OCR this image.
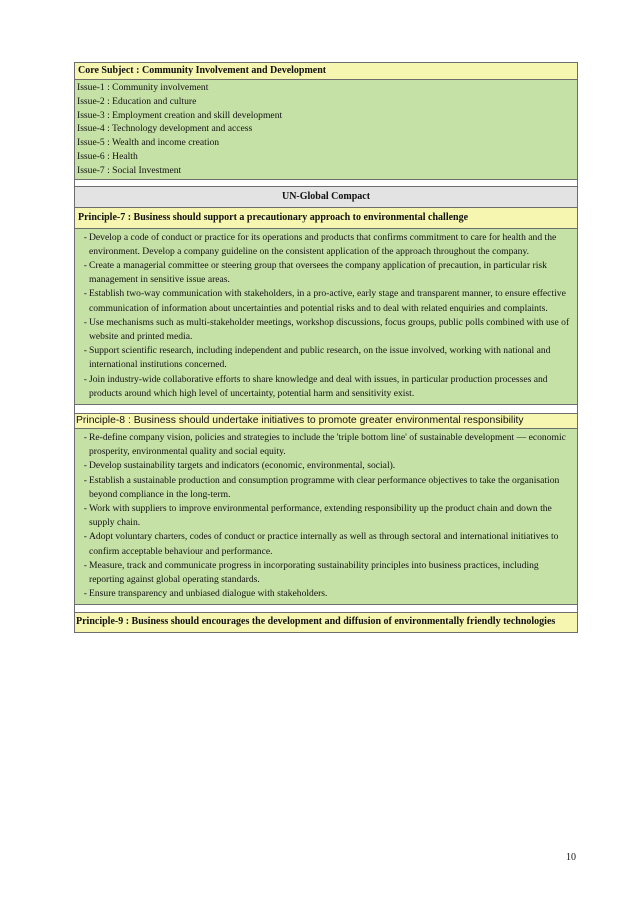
Core Subject : Community Involvement and Development
Issue-1 : Community involvement
Issue-2 : Education and culture
Issue-3 : Employment creation and skill development
Issue-4 : Technology development and access
Issue-5 : Wealth and income creation
Issue-6 : Health
Issue-7 : Social Investment
UN-Global Compact
Principle-7 : Business should support a precautionary approach to environmental challenge
- Develop a code of conduct or practice for its operations and products that confirms commitment to care for health and the environment. Develop a company guideline on the consistent application of the approach throughout the company.
- Create a managerial committee or steering group that oversees the company application of precaution, in particular risk management in sensitive issue areas.
- Establish two-way communication with stakeholders, in a pro-active, early stage and transparent manner, to ensure effective communication of information about uncertainties and potential risks and to deal with related enquiries and complaints.
- Use mechanisms such as multi-stakeholder meetings, workshop discussions, focus groups, public polls combined with use of website and printed media.
- Support scientific research, including independent and public research, on the issue involved, working with national and international institutions concerned.
- Join industry-wide collaborative efforts to share knowledge and deal with issues, in particular production processes and products around which high level of uncertainty, potential harm and sensitivity exist.
Principle-8 : Business should undertake initiatives to promote greater environmental responsibility
- Re-define company vision, policies and strategies to include the 'triple bottom line' of sustainable development — economic prosperity, environmental quality and social equity.
- Develop sustainability targets and indicators (economic, environmental, social).
- Establish a sustainable production and consumption programme with clear performance objectives to take the organisation beyond compliance in the long-term.
- Work with suppliers to improve environmental performance, extending responsibility up the product chain and down the supply chain.
- Adopt voluntary charters, codes of conduct or practice internally as well as through sectoral and international initiatives to confirm acceptable behaviour and performance.
- Measure, track and communicate progress in incorporating sustainability principles into business practices, including reporting against global operating standards.
- Ensure transparency and unbiased dialogue with stakeholders.
Principle-9 : Business should encourages the development and diffusion of environmentally friendly technologies
10
